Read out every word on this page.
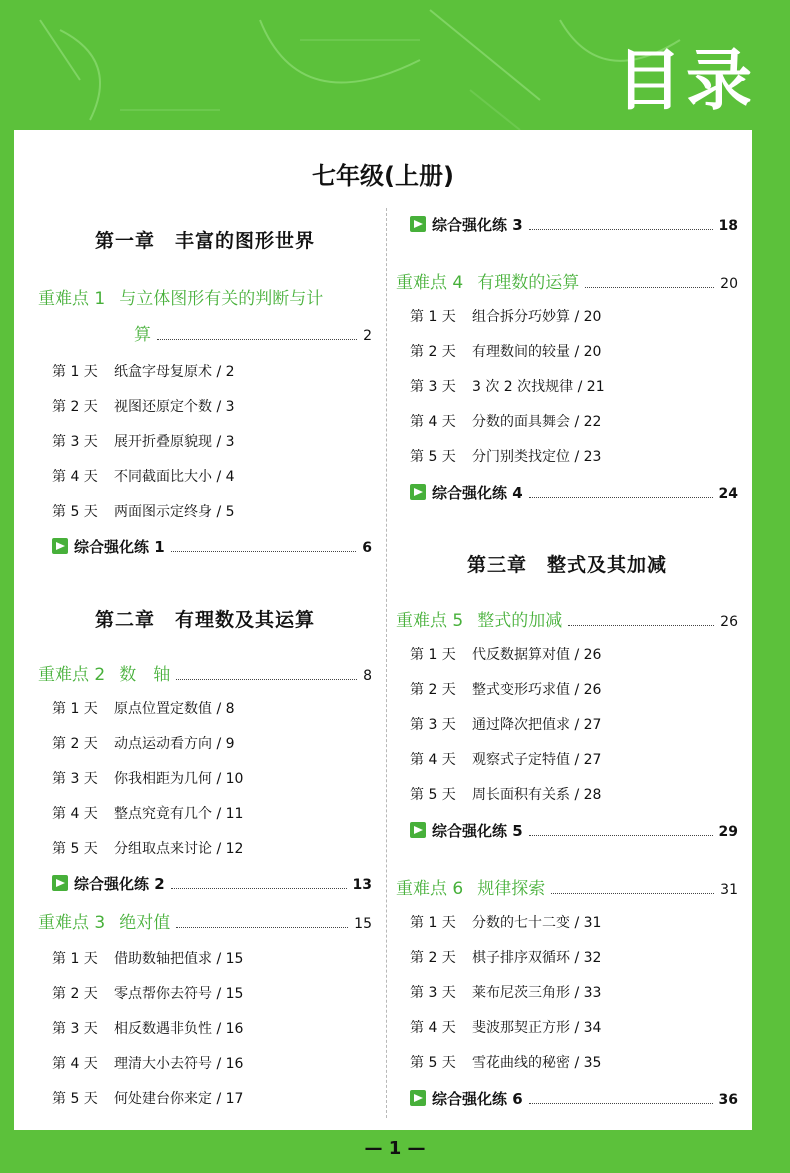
目录
七年级(上册)
第一章　丰富的图形世界
重难点 1 与立体图形有关的判断与计
算	2
第 1 天	纸盒字母复原术 / 2
第 2 天	视图还原定个数 / 3
第 3 天	展开折叠原貌现 / 3
第 4 天	不同截面比大小 / 4
第 5 天	两面图示定终身 / 5
综合强化练 1	6
第二章　有理数及其运算
重难点 2 数　轴	8
第 1 天	原点位置定数值 / 8
第 2 天	动点运动看方向 / 9
第 3 天	你我相距为几何 / 10
第 4 天	整点究竟有几个 / 11
第 5 天	分组取点来讨论 / 12
综合强化练 2	13
重难点 3 绝对值	15
第 1 天	借助数轴把值求 / 15
第 2 天	零点帮你去符号 / 15
第 3 天	相反数遇非负性 / 16
第 4 天	理清大小去符号 / 16
第 5 天	何处建台你来定 / 17
综合强化练 3	18
重难点 4 有理数的运算	20
第 1 天	组合拆分巧妙算 / 20
第 2 天	有理数间的较量 / 20
第 3 天	3 次 2 次找规律 / 21
第 4 天	分数的面具舞会 / 22
第 5 天	分门别类找定位 / 23
综合强化练 4	24
第三章　整式及其加减
重难点 5 整式的加减	26
第 1 天	代反数据算对值 / 26
第 2 天	整式变形巧求值 / 26
第 3 天	通过降次把值求 / 27
第 4 天	观察式子定特值 / 27
第 5 天	周长面积有关系 / 28
综合强化练 5	29
重难点 6 规律探索	31
第 1 天	分数的七十二变 / 31
第 2 天	棋子排序双循环 / 32
第 3 天	莱布尼茨三角形 / 33
第 4 天	斐波那契正方形 / 34
第 5 天	雪花曲线的秘密 / 35
综合强化练 6	36
— 1 —
